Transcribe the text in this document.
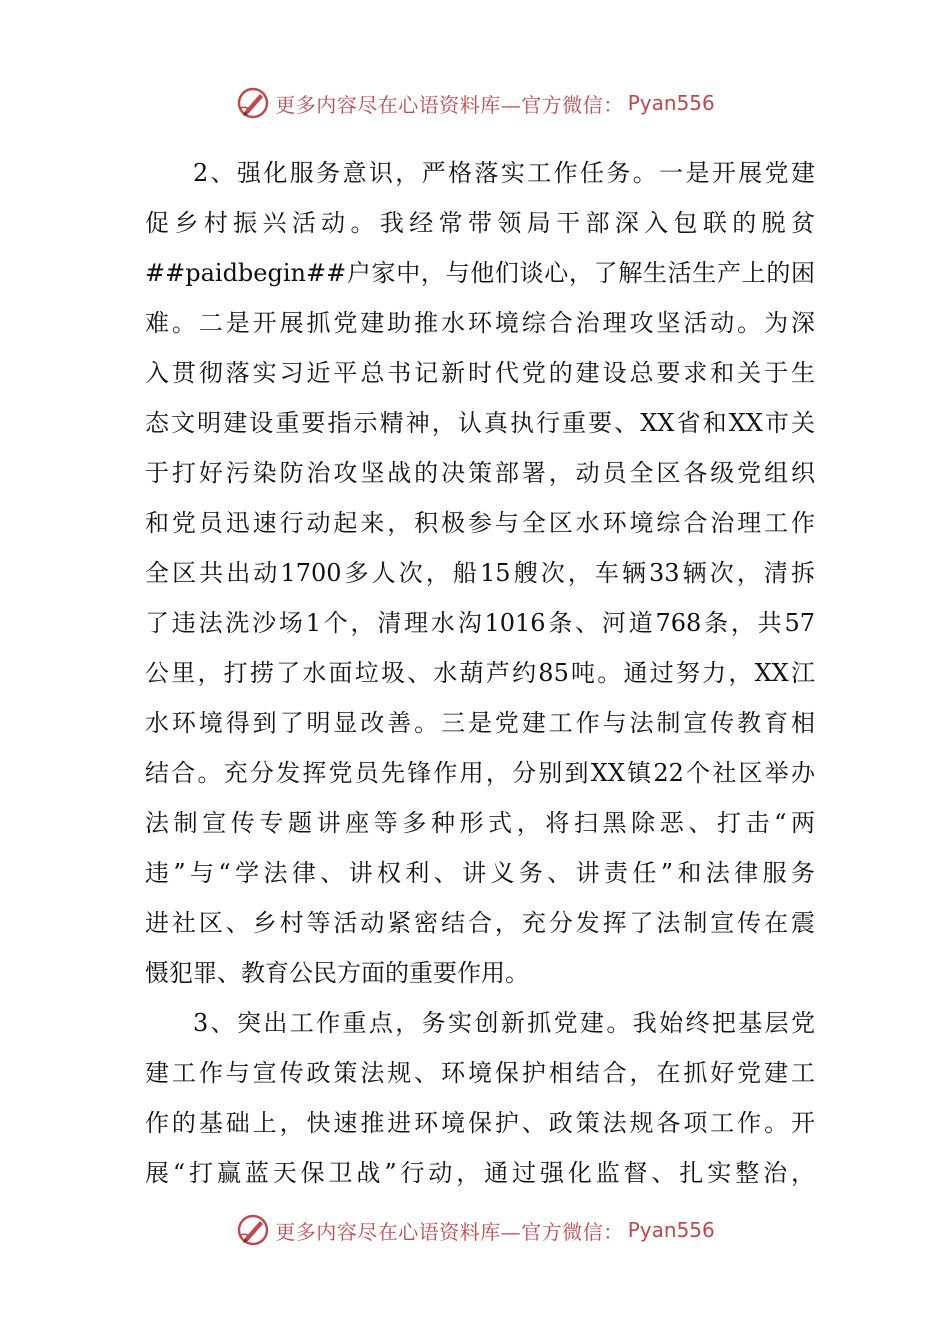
更多内容尽在心语资料库—官方微信： Pyan556
2、强化服务意识，严格落实工作任务。一是开展党建
促乡村振兴活动。我经常带领局干部深入包联的脱贫
##paidbegin##户家中，与他们谈心，了解生活生产上的困
难。二是开展抓党建助推水环境综合治理攻坚活动。为深
入贯彻落实习近平总书记新时代党的建设总要求和关于生
态文明建设重要指示精神，认真执行重要、XX省和XX市关
于打好污染防治攻坚战的决策部署，动员全区各级党组织
和党员迅速行动起来，积极参与全区水环境综合治理工作
全区共出动1700多人次，船15艘次，车辆33辆次，清拆
了违法洗沙场1个，清理水沟1016条、河道768条，共57
公里，打捞了水面垃圾、水葫芦约85吨。通过努力，XX江
水环境得到了明显改善。三是党建工作与法制宣传教育相
结合。充分发挥党员先锋作用，分别到XX镇22个社区举办
法制宣传专题讲座等多种形式，将扫黑除恶、打击“两
违”与“学法律、讲权利、讲义务、讲责任”和法律服务
进社区、乡村等活动紧密结合，充分发挥了法制宣传在震
慑犯罪、教育公民方面的重要作用。
3、突出工作重点，务实创新抓党建。我始终把基层党
建工作与宣传政策法规、环境保护相结合，在抓好党建工
作的基础上，快速推进环境保护、政策法规各项工作。开
展“打赢蓝天保卫战”行动，通过强化监督、扎实整治，
更多内容尽在心语资料库—官方微信： Pyan556
